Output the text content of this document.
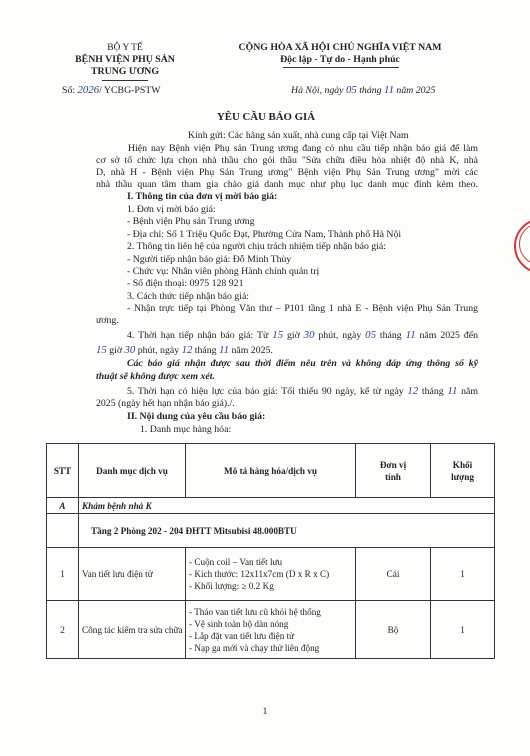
BỘ Y TẾ
BỆNH VIỆN PHỤ SẢN
TRUNG ƯƠNG
Số: 2026/ YCBG-PSTW
CỘNG HÒA XÃ HỘI CHỦ NGHĨA VIỆT NAM
Độc lập - Tự do - Hạnh phúc
Hà Nội, ngày 05 tháng 11 năm 2025
YÊU CẦU BÁO GIÁ
Kính gửi: Các hãng sản xuất, nhà cung cấp tại Việt Nam
Hiện nay Bệnh viện Phụ sản Trung ương đang có nhu cầu tiếp nhận báo giá để làm
cơ sở tổ chức lựa chọn nhà thầu cho gói thầu "Sửa chữa điều hòa nhiệt độ nhà K, nhà
D, nhà H - Bệnh viện Phụ Sản Trung ương" Bệnh viện Phụ Sản Trung ương" mời các
nhà thầu quan tâm tham gia chào giá danh mục như phụ lục danh mục đính kèm theo.
I. Thông tin của đơn vị mời báo giá:
1. Đơn vị mời báo giá:
- Bệnh viện Phụ sản Trung ương
- Địa chỉ: Số 1 Triệu Quốc Đạt, Phường Cửa Nam, Thành phố Hà Nội
2. Thông tin liên hệ của người chịu trách nhiệm tiếp nhận báo giá:
- Người tiếp nhận báo giá: Đỗ Minh Thùy
- Chức vụ: Nhân viên phòng Hành chính quản trị
- Số điện thoại: 0975 128 921
3. Cách thức tiếp nhận báo giá:
- Nhận trực tiếp tại Phòng Văn thư – P101 tầng 1 nhà E - Bệnh viện Phụ Sản Trung
ương.
4. Thời hạn tiếp nhận báo giá: Từ 15 giờ 30 phút, ngày 05 tháng 11 năm 2025 đến
15 giờ 30 phút, ngày 12 tháng 11 năm 2025.
Các báo giá nhận được sau thời điểm nêu trên và không đáp ứng thông số kỹ
thuật sẽ không được xem xét.
5. Thời hạn có hiệu lực của báo giá: Tối thiểu 90 ngày, kể từ ngày 12 tháng 11 năm
2025 (ngày hết hạn nhận báo giá)./.
II. Nội dung của yêu cầu báo giá:
1. Danh mục hàng hóa:
STT	Danh mục dịch vụ	Mô tả hàng hóa/dịch vụ	Đơn vị tính	Khối lượng
A	Khám bệnh nhà K			
	Tầng 2 Phòng 202 - 204 ĐHTT Mitsubisi 48.000BTU			
1	Van tiết lưu điện tử	- Cuộn coil – Van tiết lưu
- Kích thước: 12x11x7cm (D x R x C)
- Khối lượng: ≥ 0.2 Kg	Cái	1
2	Công tác kiểm tra sửa chữa	- Tháo van tiết lưu cũ khỏi hệ thống
- Vệ sinh toàn bộ dàn nóng
- Lắp đặt van tiết lưu điện tử
- Nạp ga mới và chạy thử liên động	Bộ	1
1
